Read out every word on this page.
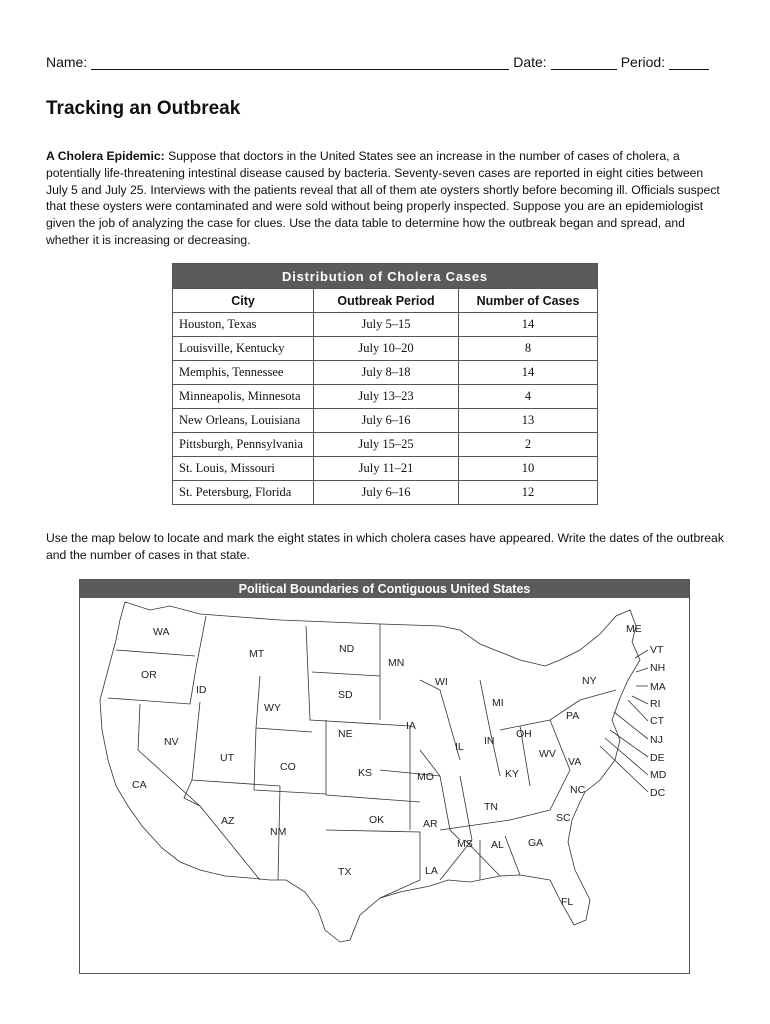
Name:	Date:	Period:
Tracking an Outbreak

A Cholera Epidemic: Suppose that doctors in the United States see an increase in the number of cases of cholera, a potentially life-threatening intestinal disease caused by bacteria. Seventy-seven cases are reported in eight cities between July 5 and July 25. Interviews with the patients reveal that all of them ate oysters shortly before becoming ill. Officials suspect that these oysters were contaminated and were sold without being properly inspected. Suppose you are an epidemiologist given the job of analyzing the case for clues. Use the data table to determine how the outbreak began and spread, and whether it is increasing or decreasing.

Distribution of Cholera Cases		
City	Outbreak Period	Number of Cases
Houston, Texas	July 5–15	14
Louisville, Kentucky	July 10–20	8
Memphis, Tennessee	July 8–18	14
Minneapolis, Minnesota	July 13–23	4
New Orleans, Louisiana	July 6–16	13
Pittsburgh, Pennsylvania	July 15–25	2
St. Louis, Missouri	July 11–21	10
St. Petersburg, Florida	July 6–16	12

Use the map below to locate and mark the eight states in which cholera cases have appeared. Write the dates of the outbreak and the number of cases in that state.

Political Boundaries of Contiguous United States
WA
OR
CA
ID
NV
MT
WY
UT
AZ
CO
NM
ND
SD
NE
KS
OK
TX
MN
IA
MO
AR
LA
WI
IL
MI
IN
OH
KY
TN
MS AL GA
FL
SC
NC
VA
WV
PA
NY
ME
VT
NH
MA
RI
CT
NJ
DE
MD
DC
